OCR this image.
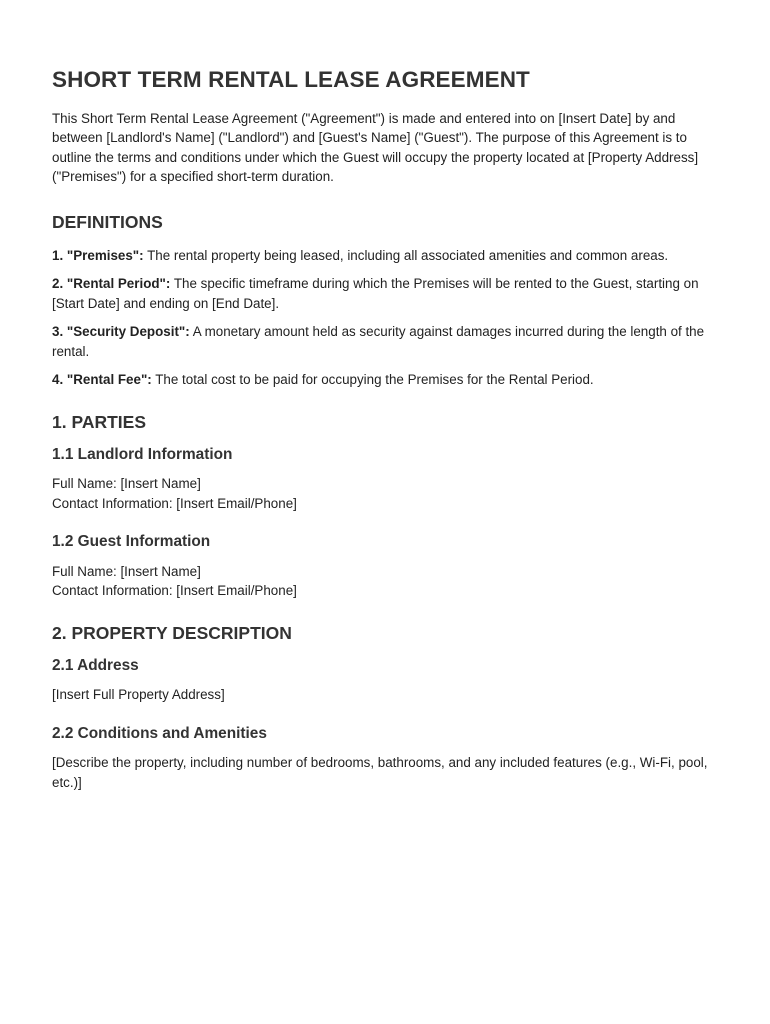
SHORT TERM RENTAL LEASE AGREEMENT

This Short Term Rental Lease Agreement ("Agreement") is made and entered into on [Insert Date] by and between [Landlord's Name] ("Landlord") and [Guest's Name] ("Guest"). The purpose of this Agreement is to outline the terms and conditions under which the Guest will occupy the property located at [Property Address] ("Premises") for a specified short-term duration.

DEFINITIONS

1. "Premises": The rental property being leased, including all associated amenities and common areas.

2. "Rental Period": The specific timeframe during which the Premises will be rented to the Guest, starting on [Start Date] and ending on [End Date].

3. "Security Deposit": A monetary amount held as security against damages incurred during the length of the rental.

4. "Rental Fee": The total cost to be paid for occupying the Premises for the Rental Period.

1. PARTIES
1.1 Landlord Information

Full Name: [Insert Name]
Contact Information: [Insert Email/Phone]

1.2 Guest Information

Full Name: [Insert Name]
Contact Information: [Insert Email/Phone]

2. PROPERTY DESCRIPTION
2.1 Address

[Insert Full Property Address]

2.2 Conditions and Amenities

[Describe the property, including number of bedrooms, bathrooms, and any included features (e.g., Wi-Fi, pool, etc.)]
